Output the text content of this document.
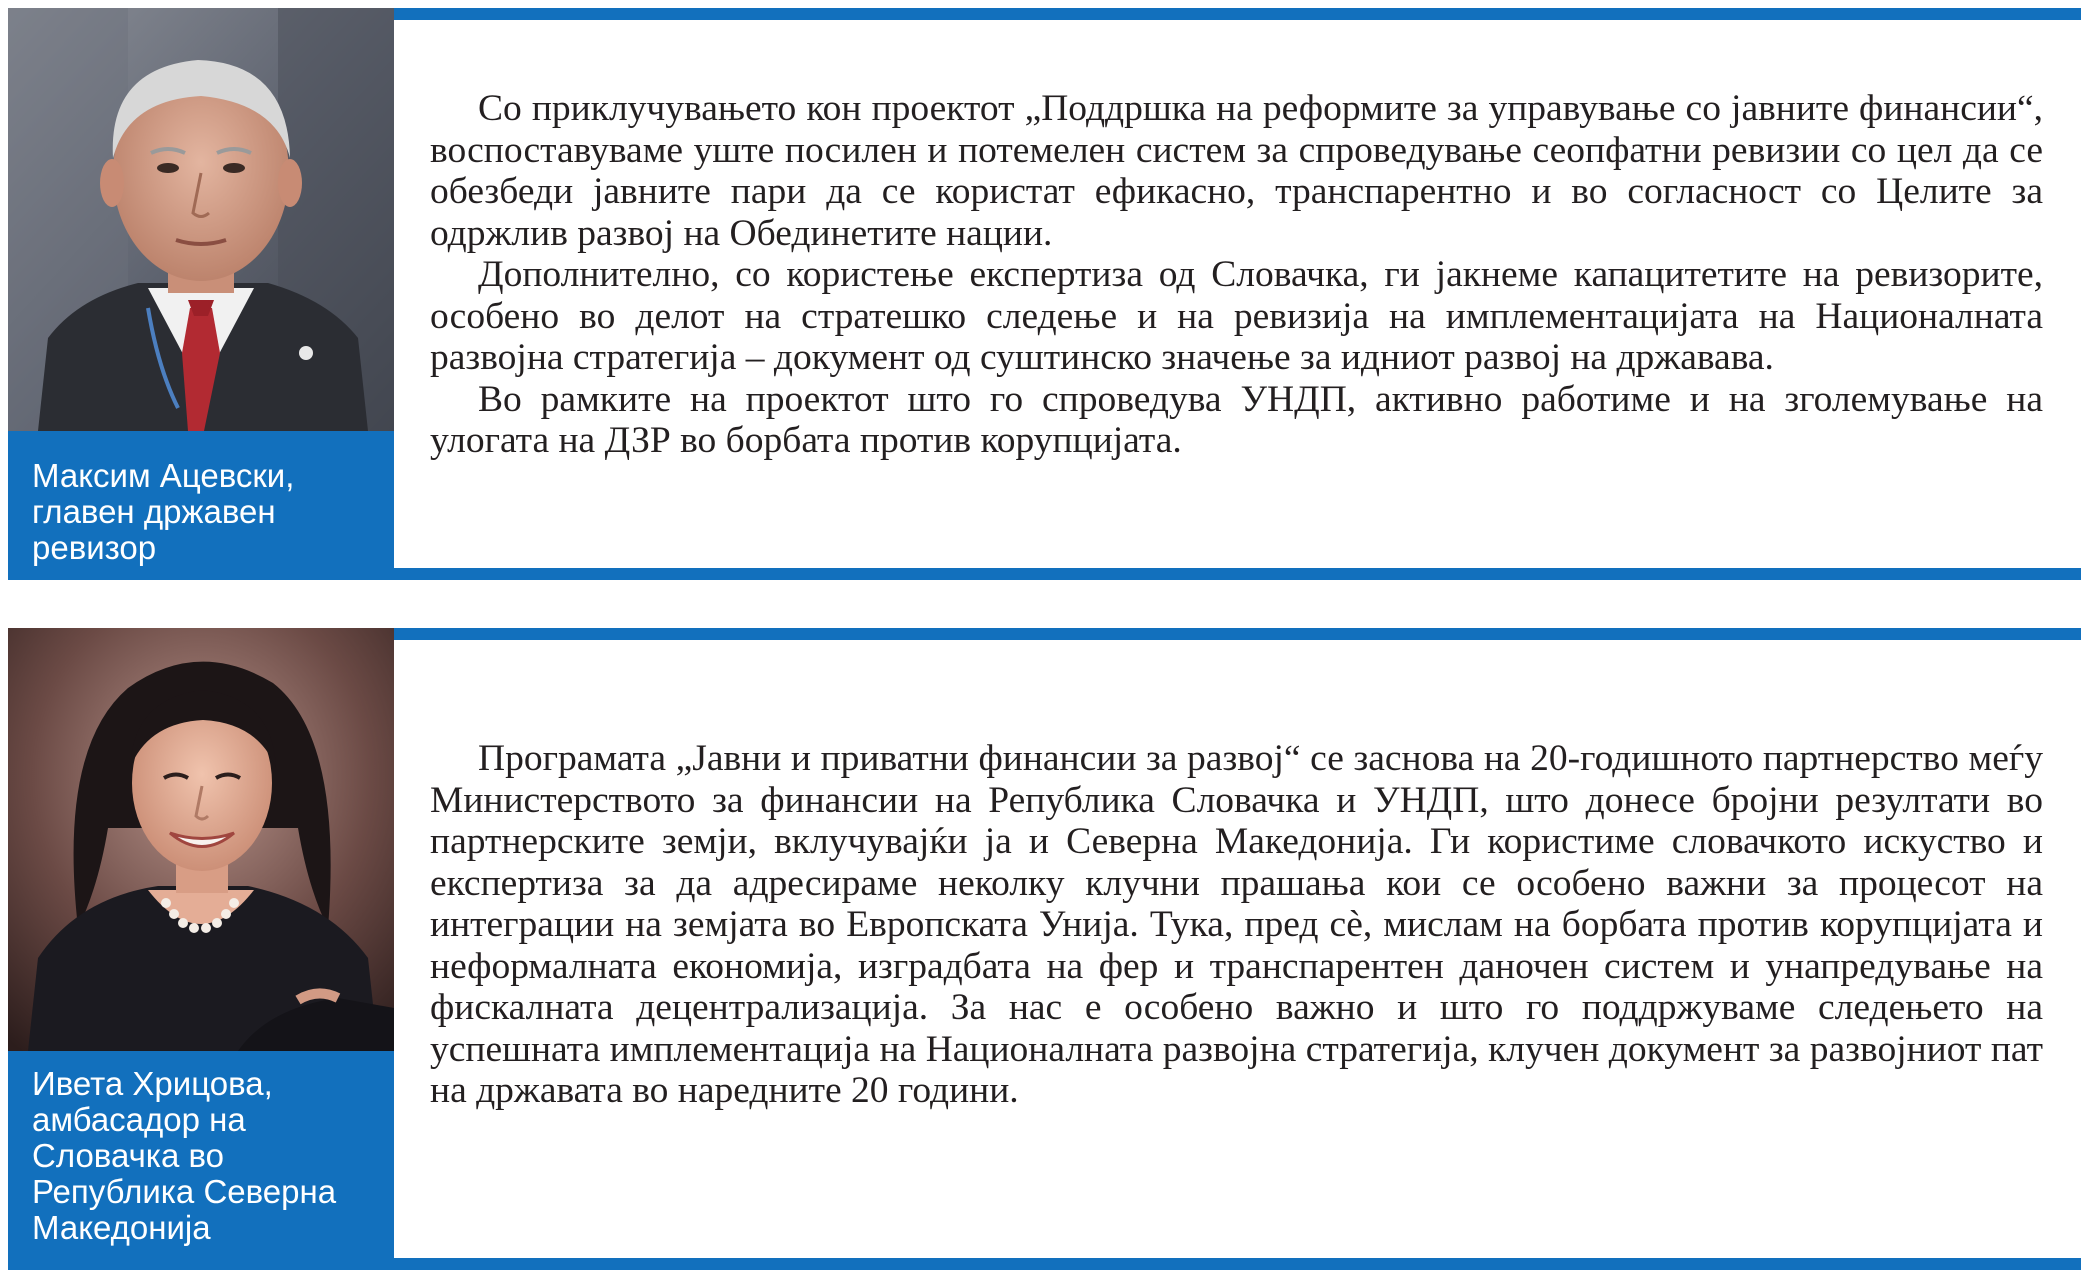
Максим Ацевски,
главен државен
ревизор

Со приклучувањето кон проектот „Поддршка на реформите за управување со јавните финансии“, воспоставуваме уште посилен и потемелен систем за спроведување сеопфатни ревизии со цел да се обезбеди јавните пари да се користат ефикасно, транспарентно и во согласност со Целите за одржлив развој на Обединетите нации.

Дополнително, со користење експертиза од Словачка, ги јакнеме капацитетите на ревизорите, особено во делот на стратешко следење и на ревизија на имплементацијата на Националната развојна стратегија – документ од суштинско значење за идниот развој на државава.

Во рамките на проектот што го спроведува УНДП, активно работиме и на зголемување на улогата на ДЗР во борбата против корупцијата.

Ивета Хрицова,
амбасадор на
Словачка во
Република Северна
Македонија

Програмата „Јавни и приватни финансии за развој“ се заснова на 20-годишното партнерство меѓу Министерството за финансии на Република Словачка и УНДП, што донесе бројни резултати во партнерските земји, вклучувајќи ја и Северна Македонија. Ги користиме словачкото искуство и експертиза за да адресираме неколку клучни прашања кои се особено важни за процесот на интеграции на земјата во Европската Унија. Тука, пред сè, мислам на борбата против корупцијата и неформалната економија, изградбата на фер и транспарентен даночен систем и унапредување на фискалната децентрализација. За нас е особено важно и што го поддржуваме следењето на успешната имплементација на Националната развојна стратегија, клучен документ за развојниот пат на државата во наредните 20 години.
